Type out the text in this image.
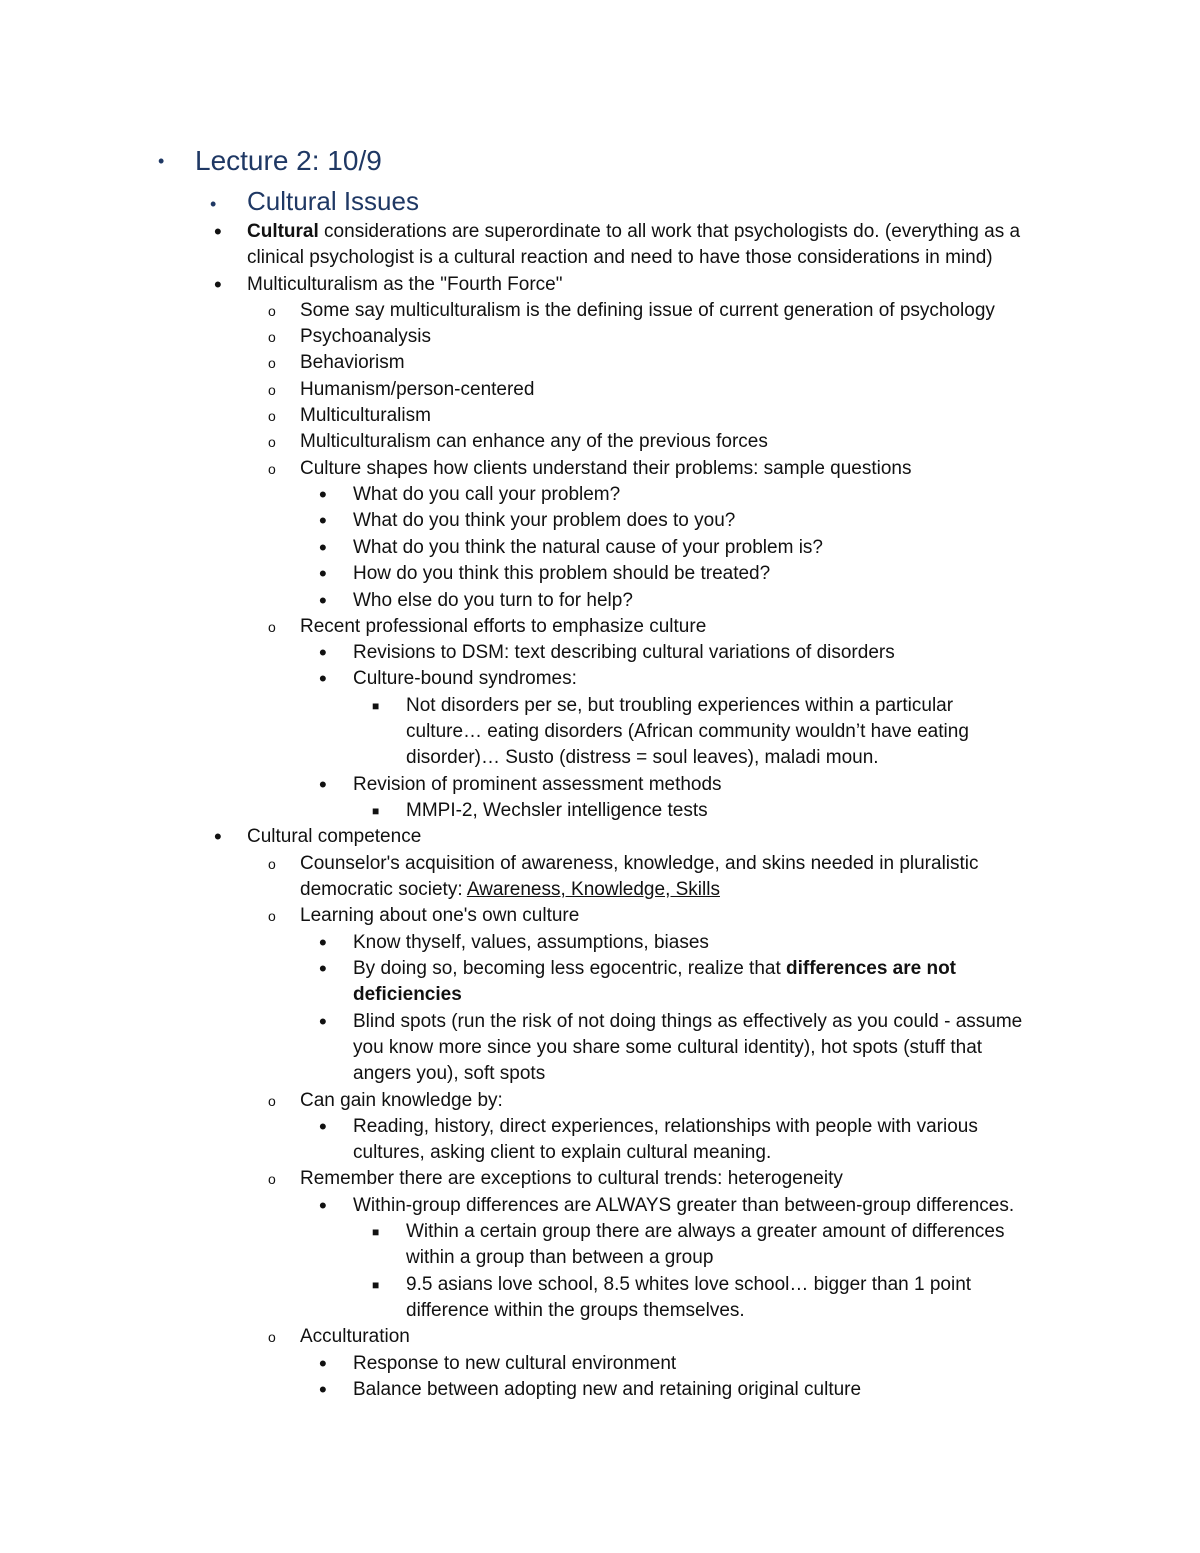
• Lecture 2: 10/9
• Cultural Issues
• Cultural considerations are superordinate to all work that psychologists do. (everything as a
clinical psychologist is a cultural reaction and need to have those considerations in mind)
• Multiculturalism as the "Fourth Force"
o Some say multiculturalism is the defining issue of current generation of psychology
o Psychoanalysis
o Behaviorism
o Humanism/person-centered
o Multiculturalism
o Multiculturalism can enhance any of the previous forces
o Culture shapes how clients understand their problems: sample questions
• What do you call your problem?
• What do you think your problem does to you?
• What do you think the natural cause of your problem is?
• How do you think this problem should be treated?
• Who else do you turn to for help?
o Recent professional efforts to emphasize culture
• Revisions to DSM: text describing cultural variations of disorders
• Culture-bound syndromes:
■ Not disorders per se, but troubling experiences within a particular
culture… eating disorders (African community wouldn’t have eating
disorder)… Susto (distress = soul leaves), maladi moun.
• Revision of prominent assessment methods
■ MMPI-2, Wechsler intelligence tests
• Cultural competence
o Counselor's acquisition of awareness, knowledge, and skins needed in pluralistic
democratic society: Awareness, Knowledge, Skills
o Learning about one's own culture
• Know thyself, values, assumptions, biases
• By doing so, becoming less egocentric, realize that differences are not
deficiencies
• Blind spots (run the risk of not doing things as effectively as you could - assume
you know more since you share some cultural identity), hot spots (stuff that
angers you), soft spots
o Can gain knowledge by:
• Reading, history, direct experiences, relationships with people with various
cultures, asking client to explain cultural meaning.
o Remember there are exceptions to cultural trends: heterogeneity
• Within-group differences are ALWAYS greater than between-group differences.
■ Within a certain group there are always a greater amount of differences
within a group than between a group
■ 9.5 asians love school, 8.5 whites love school… bigger than 1 point
difference within the groups themselves.
o Acculturation
• Response to new cultural environment
• Balance between adopting new and retaining original culture
